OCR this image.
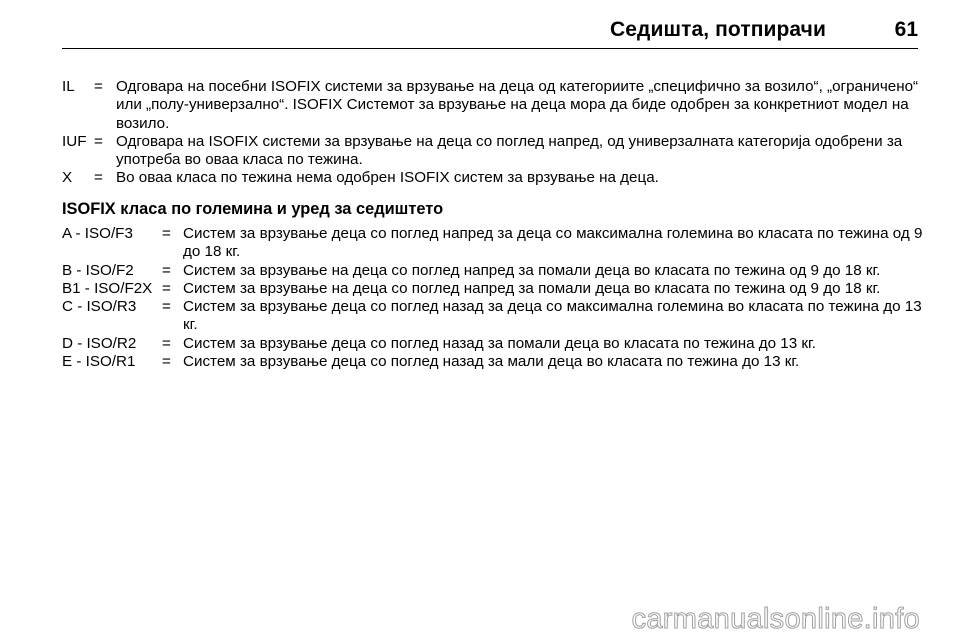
Седишта, потпирачи	61
IL	= Одговара на посебни ISOFIX системи за врзување на деца од категориите „специфично за возило“, „ограничено“ или „полу-универзално“. ISOFIX Системот за врзување на деца мора да биде одобрен за конкретниот модел на возило.
IUF = Одговара на ISOFIX системи за врзување на деца со поглед напред, од универзалната категорија одобрени за употреба во оваа класа по тежина.
X	= Во оваа класа по тежина нема одобрен ISOFIX систем за врзување на деца.
ISOFIX класа по големина и уред за седиштето
A - ISO/F3	= Систем за врзување деца со поглед напред за деца со максимална големина во класата по тежина од 9 до 18 кг.
B - ISO/F2	= Систем за врзување на деца со поглед напред за помали деца во класата по тежина од 9 до 18 кг.
B1 - ISO/F2X = Систем за врзување на деца со поглед напред за помали деца во класата по тежина од 9 до 18 кг.
C - ISO/R3	= Систем за врзување деца со поглед назад за деца со максимална големина во класата по тежина до 13 кг.
D - ISO/R2	= Систем за врзување деца со поглед назад за помали деца во класата по тежина до 13 кг.
E - ISO/R1	= Систем за врзување деца со поглед назад за мали деца во класата по тежина до 13 кг.
carmanualsonline.info
